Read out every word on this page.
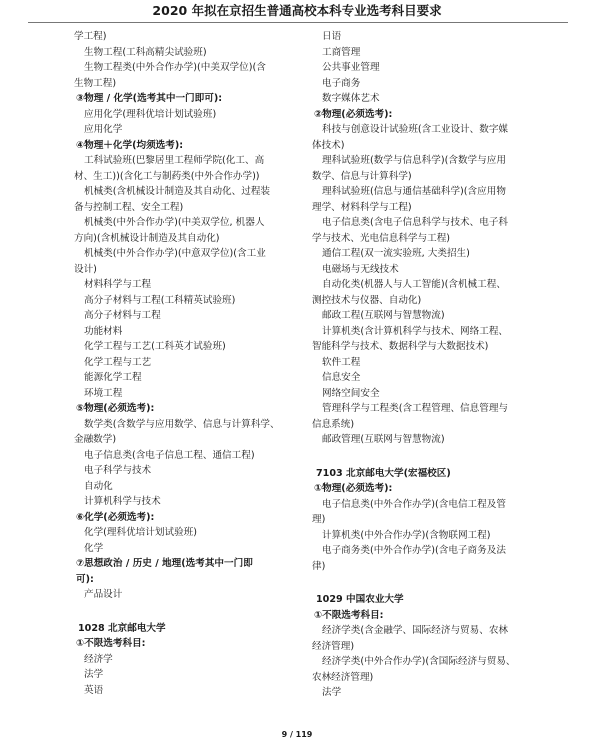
2020 年拟在京招生普通高校本科专业选考科目要求
学工程)
生物工程(工科高精尖试验班)
生物工程类(中外合作办学)(中美双学位)(含
生物工程)
③物理 / 化学(选考其中一门即可):
应用化学(理科优培计划试验班)
应用化学
④物理＋化学(均须选考):
工科试验班(巴黎居里工程师学院(化工、高
材、生工))(含化工与制药类(中外合作办学))
机械类(含机械设计制造及其自动化、过程装
备与控制工程、安全工程)
机械类(中外合作办学)(中美双学位, 机器人
方向)(含机械设计制造及其自动化)
机械类(中外合作办学)(中意双学位)(含工业
设计)
材料科学与工程
高分子材料与工程(工科精英试验班)
高分子材料与工程
功能材料
化学工程与工艺(工科英才试验班)
化学工程与工艺
能源化学工程
环境工程
⑤物理(必须选考):
数学类(含数学与应用数学、信息与计算科学、
金融数学)
电子信息类(含电子信息工程、通信工程)
电子科学与技术
自动化
计算机科学与技术
⑥化学(必须选考):
化学(理科优培计划试验班)
化学
⑦思想政治 / 历史 / 地理(选考其中一门即
可):
产品设计
1028 北京邮电大学
①不限选考科目:
经济学
法学
英语
日语
工商管理
公共事业管理
电子商务
数字媒体艺术
②物理(必须选考):
科技与创意设计试验班(含工业设计、数字媒
体技术)
理科试验班(数学与信息科学)(含数学与应用
数学、信息与计算科学)
理科试验班(信息与通信基础科学)(含应用物
理学、材料科学与工程)
电子信息类(含电子信息科学与技术、电子科
学与技术、光电信息科学与工程)
通信工程(双一流实验班, 大类招生)
电磁场与无线技术
自动化类(机器人与人工智能)(含机械工程、
测控技术与仪器、自动化)
邮政工程(互联网与智慧物流)
计算机类(含计算机科学与技术、网络工程、
智能科学与技术、数据科学与大数据技术)
软件工程
信息安全
网络空间安全
管理科学与工程类(含工程管理、信息管理与
信息系统)
邮政管理(互联网与智慧物流)
7103 北京邮电大学(宏福校区)
①物理(必须选考):
电子信息类(中外合作办学)(含电信工程及管
理)
计算机类(中外合作办学)(含物联网工程)
电子商务类(中外合作办学)(含电子商务及法
律)
1029 中国农业大学
①不限选考科目:
经济学类(含金融学、国际经济与贸易、农林
经济管理)
经济学类(中外合作办学)(含国际经济与贸易、
农林经济管理)
法学
9 / 119
